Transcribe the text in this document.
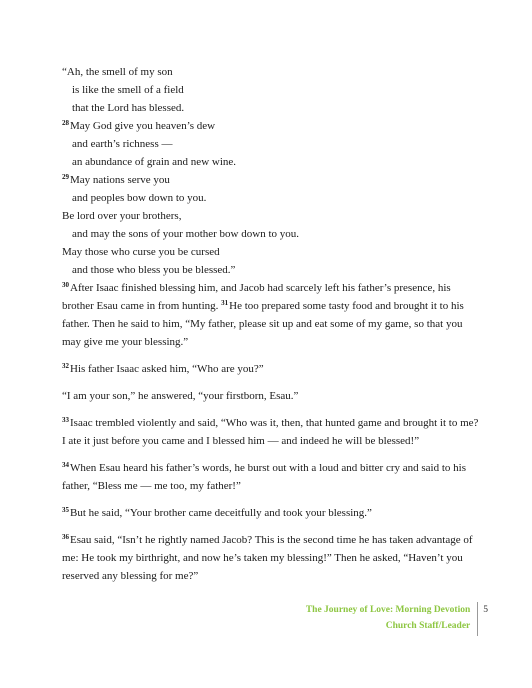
“Ah, the smell of my son
is like the smell of a field
that the Lord has blessed.
$^{28}$May God give you heaven’s dew
and earth’s richness —
an abundance of grain and new wine.
$^{29}$May nations serve you
and peoples bow down to you.
Be lord over your brothers,
and may the sons of your mother bow down to you.
May those who curse you be cursed
and those who bless you be blessed.”
$^{30}$After Isaac finished blessing him, and Jacob had scarcely left his father’s presence, his brother Esau came in from hunting. $^{31}$He too prepared some tasty food and brought it to his father. Then he said to him, “My father, please sit up and eat some of my game, so that you may give me your blessing.”
$^{32}$His father Isaac asked him, “Who are you?”
“I am your son,” he answered, “your firstborn, Esau.”
$^{33}$Isaac trembled violently and said, “Who was it, then, that hunted game and brought it to me? I ate it just before you came and I blessed him — and indeed he will be blessed!”
$^{34}$When Esau heard his father’s words, he burst out with a loud and bitter cry and said to his father, “Bless me — me too, my father!”
$^{35}$But he said, “Your brother came deceitfully and took your blessing.”
$^{36}$Esau said, “Isn’t he rightly named Jacob? This is the second time he has taken advantage of me: He took my birthright, and now he’s taken my blessing!” Then he asked, “Haven’t you reserved any blessing for me?”
The Journey of Love: Morning Devotion
Church Staff/Leader
5
